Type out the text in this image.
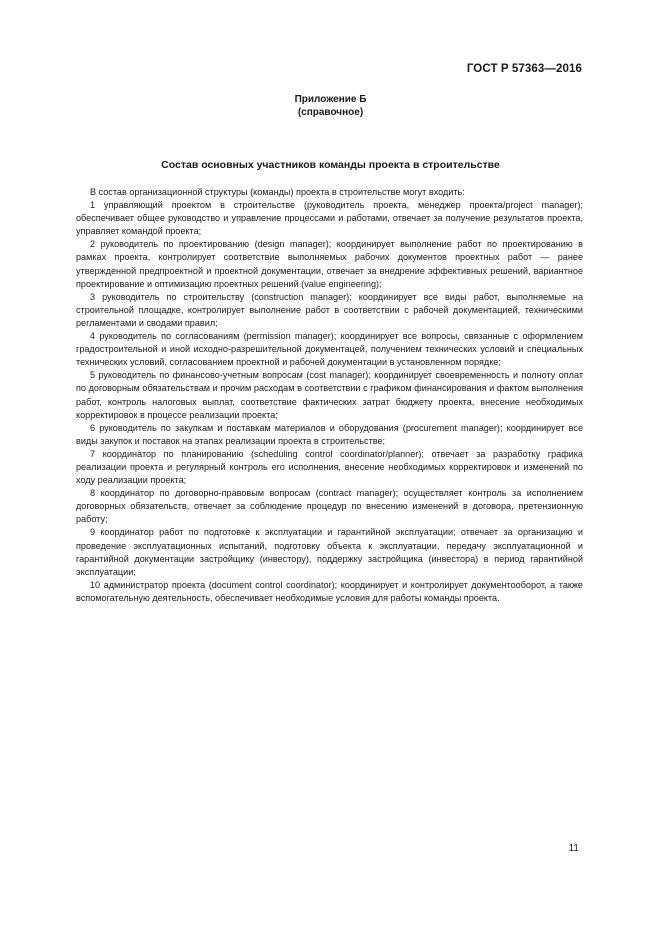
ГОСТ Р 57363—2016
Приложение Б
(справочное)
Состав основных участников команды проекта в строительстве

В состав организационной структуры (команды) проекта в строительстве могут входить:

1 управляющий проектом в строительстве (руководитель проекта, менеджер проекта/project manager); обеспечивает общее руководство и управление процессами и работами, отвечает за получение результатов проекта, управляет командой проекта;

2 руководитель по проектированию (design manager); координирует выполнение работ по проектированию в рамках проекта, контролирует соответствие выполняемых рабочих документов проектных работ — ранее утвержденной предпроектной и проектной документации, отвечает за внедрение эффективных решений, вариантное проектирование и оптимизацию проектных решений (value engineering);

3 руководитель по строительству (construction manager); координирует все виды работ, выполняемые на строительной площадке, контролирует выполнение работ в соответствии с рабочей документацией, техническими регламентами и сводами правил;

4 руководитель по согласованиям (permission manager); координирует все вопросы, связанные с оформлением градостроительной и иной исходно-разрешительной документацей, получением технических условий и специальных технических условий, согласованием проектной и рабочей документации в установленном порядке;

5 руководитель по финансово-учетным вопросам (cost manager); координирует своевременность и полноту оплат по договорным обязательствам и прочим расходам в соответствии с графиком финансирования и фактом выполнения работ, контроль налоговых выплат, соответствие фактических затрат бюджету проекта, внесение необходимых корректировок в процессе реализации проекта;

6 руководитель по закупкам и поставкам материалов и оборудования (procurement manager); координирует все виды закупок и поставок на этапах реализации проекта в строительстве;

7 координатор по планированию (scheduling control coordinator/planner); отвечает за разработку графика реализации проекта и регулярный контроль его исполнения, внесение необходимых корректировок и изменений по ходу реализации проекта;

8 координатор по договорно-правовым вопросам (contract manager); осуществляет контроль за исполнением договорных обязательств, отвечает за соблюдение процедур по внесению изменений в договора, претензионную работу;

9 координатор работ по подготовке к эксплуатации и гарантийной эксплуатации; отвечает за организацию и проведение эксплуатационных испытаний, подготовку объекта к эксплуатации, передачу эксплуатационной и гарантийной документации застройщику (инвестору), поддержку застройщика (инвестора) в период гарантийной эксплуатации;

10 администратор проекта (document control coordinator); координирует и контролирует документооборот, а также вспомогательную деятельность, обеспечивает необходимые условия для работы команды проекта.

11
